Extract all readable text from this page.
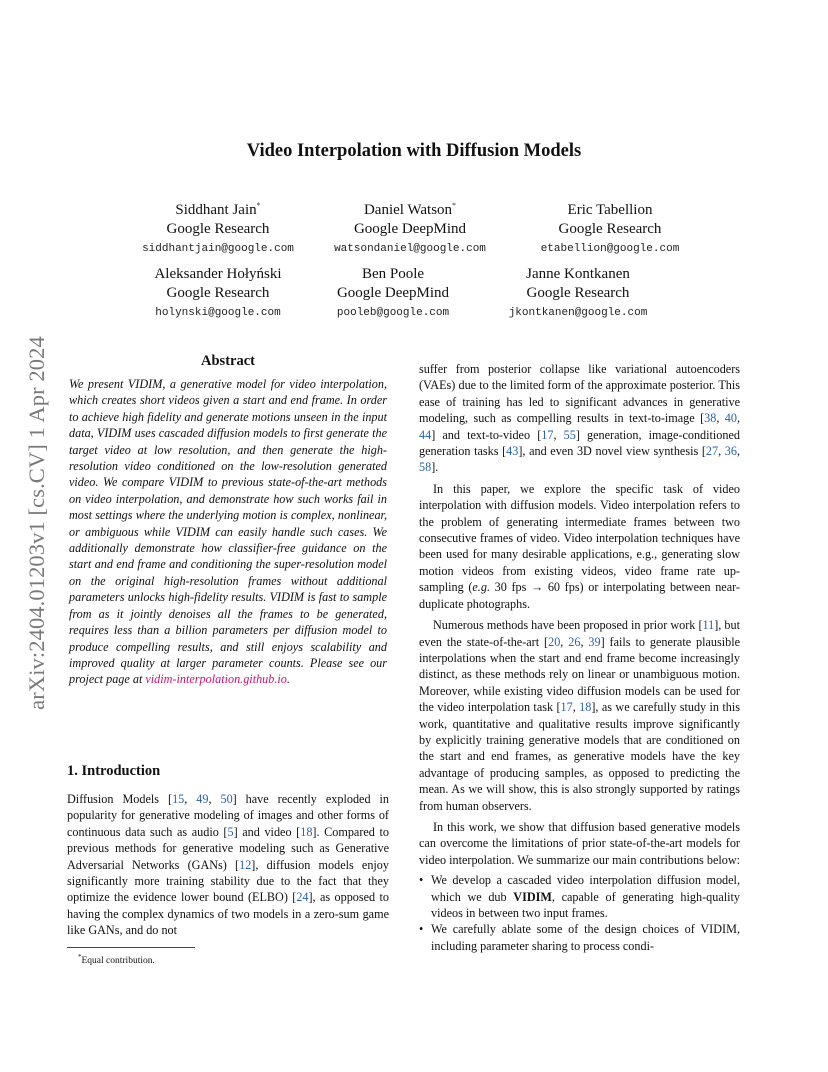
arXiv:2404.01203v1 [cs.CV] 1 Apr 2024
Video Interpolation with Diffusion Models
Siddhant Jain*
Google Research
siddhantjain@google.com
Daniel Watson*
Google DeepMind
watsondaniel@google.com
Eric Tabellion
Google Research
etabellion@google.com
Aleksander Hołyński
Google Research
holynski@google.com
Ben Poole
Google DeepMind
pooleb@google.com
Janne Kontkanen
Google Research
jkontkanen@google.com
Abstract

We present VIDIM, a generative model for video interpolation, which creates short videos given a start and end frame. In order to achieve high fidelity and generate motions unseen in the input data, VIDIM uses cascaded diffusion models to first generate the target video at low resolution, and then generate the high-resolution video conditioned on the low-resolution generated video. We compare VIDIM to previous state-of-the-art methods on video interpolation, and demonstrate how such works fail in most settings where the underlying motion is complex, nonlinear, or ambiguous while VIDIM can easily handle such cases. We additionally demonstrate how classifier-free guidance on the start and end frame and conditioning the super-resolution model on the original high-resolution frames without additional parameters unlocks high-fidelity results. VIDIM is fast to sample from as it jointly denoises all the frames to be generated, requires less than a billion parameters per diffusion model to produce compelling results, and still enjoys scalability and improved quality at larger parameter counts. Please see our project page at vidim-interpolation.github.io.

1. Introduction

Diffusion Models [15, 49, 50] have recently exploded in popularity for generative modeling of images and other forms of continuous data such as audio [5] and video [18]. Compared to previous methods for generative modeling such as Generative Adversarial Networks (GANs) [12], diffusion models enjoy significantly more training stability due to the fact that they optimize the evidence lower bound (ELBO) [24], as opposed to having the complex dynamics of two models in a zero-sum game like GANs, and do not

*Equal contribution.

suffer from posterior collapse like variational autoencoders (VAEs) due to the limited form of the approximate posterior. This ease of training has led to significant advances in generative modeling, such as compelling results in text-to-image [38, 40, 44] and text-to-video [17, 55] generation, image-conditioned generation tasks [43], and even 3D novel view synthesis [27, 36, 58].

In this paper, we explore the specific task of video interpolation with diffusion models. Video interpolation refers to the problem of generating intermediate frames between two consecutive frames of video. Video interpolation techniques have been used for many desirable applications, e.g., generating slow motion videos from existing videos, video frame rate up-sampling (e.g. 30 fps → 60 fps) or interpolating between near-duplicate photographs.

Numerous methods have been proposed in prior work [11], but even the state-of-the-art [20, 26, 39] fails to generate plausible interpolations when the start and end frame become increasingly distinct, as these methods rely on linear or unambiguous motion. Moreover, while existing video diffusion models can be used for the video interpolation task [17, 18], as we carefully study in this work, quantitative and qualitative results improve significantly by explicitly training generative models that are conditioned on the start and end frames, as generative models have the key advantage of producing samples, as opposed to predicting the mean. As we will show, this is also strongly supported by ratings from human observers.

In this work, we show that diffusion based generative models can overcome the limitations of prior state-of-the-art models for video interpolation. We summarize our main contributions below:

• We develop a cascaded video interpolation diffusion model, which we dub VIDIM, capable of generating high-quality videos in between two input frames.
• We carefully ablate some of the design choices of VIDIM, including parameter sharing to process condi-
